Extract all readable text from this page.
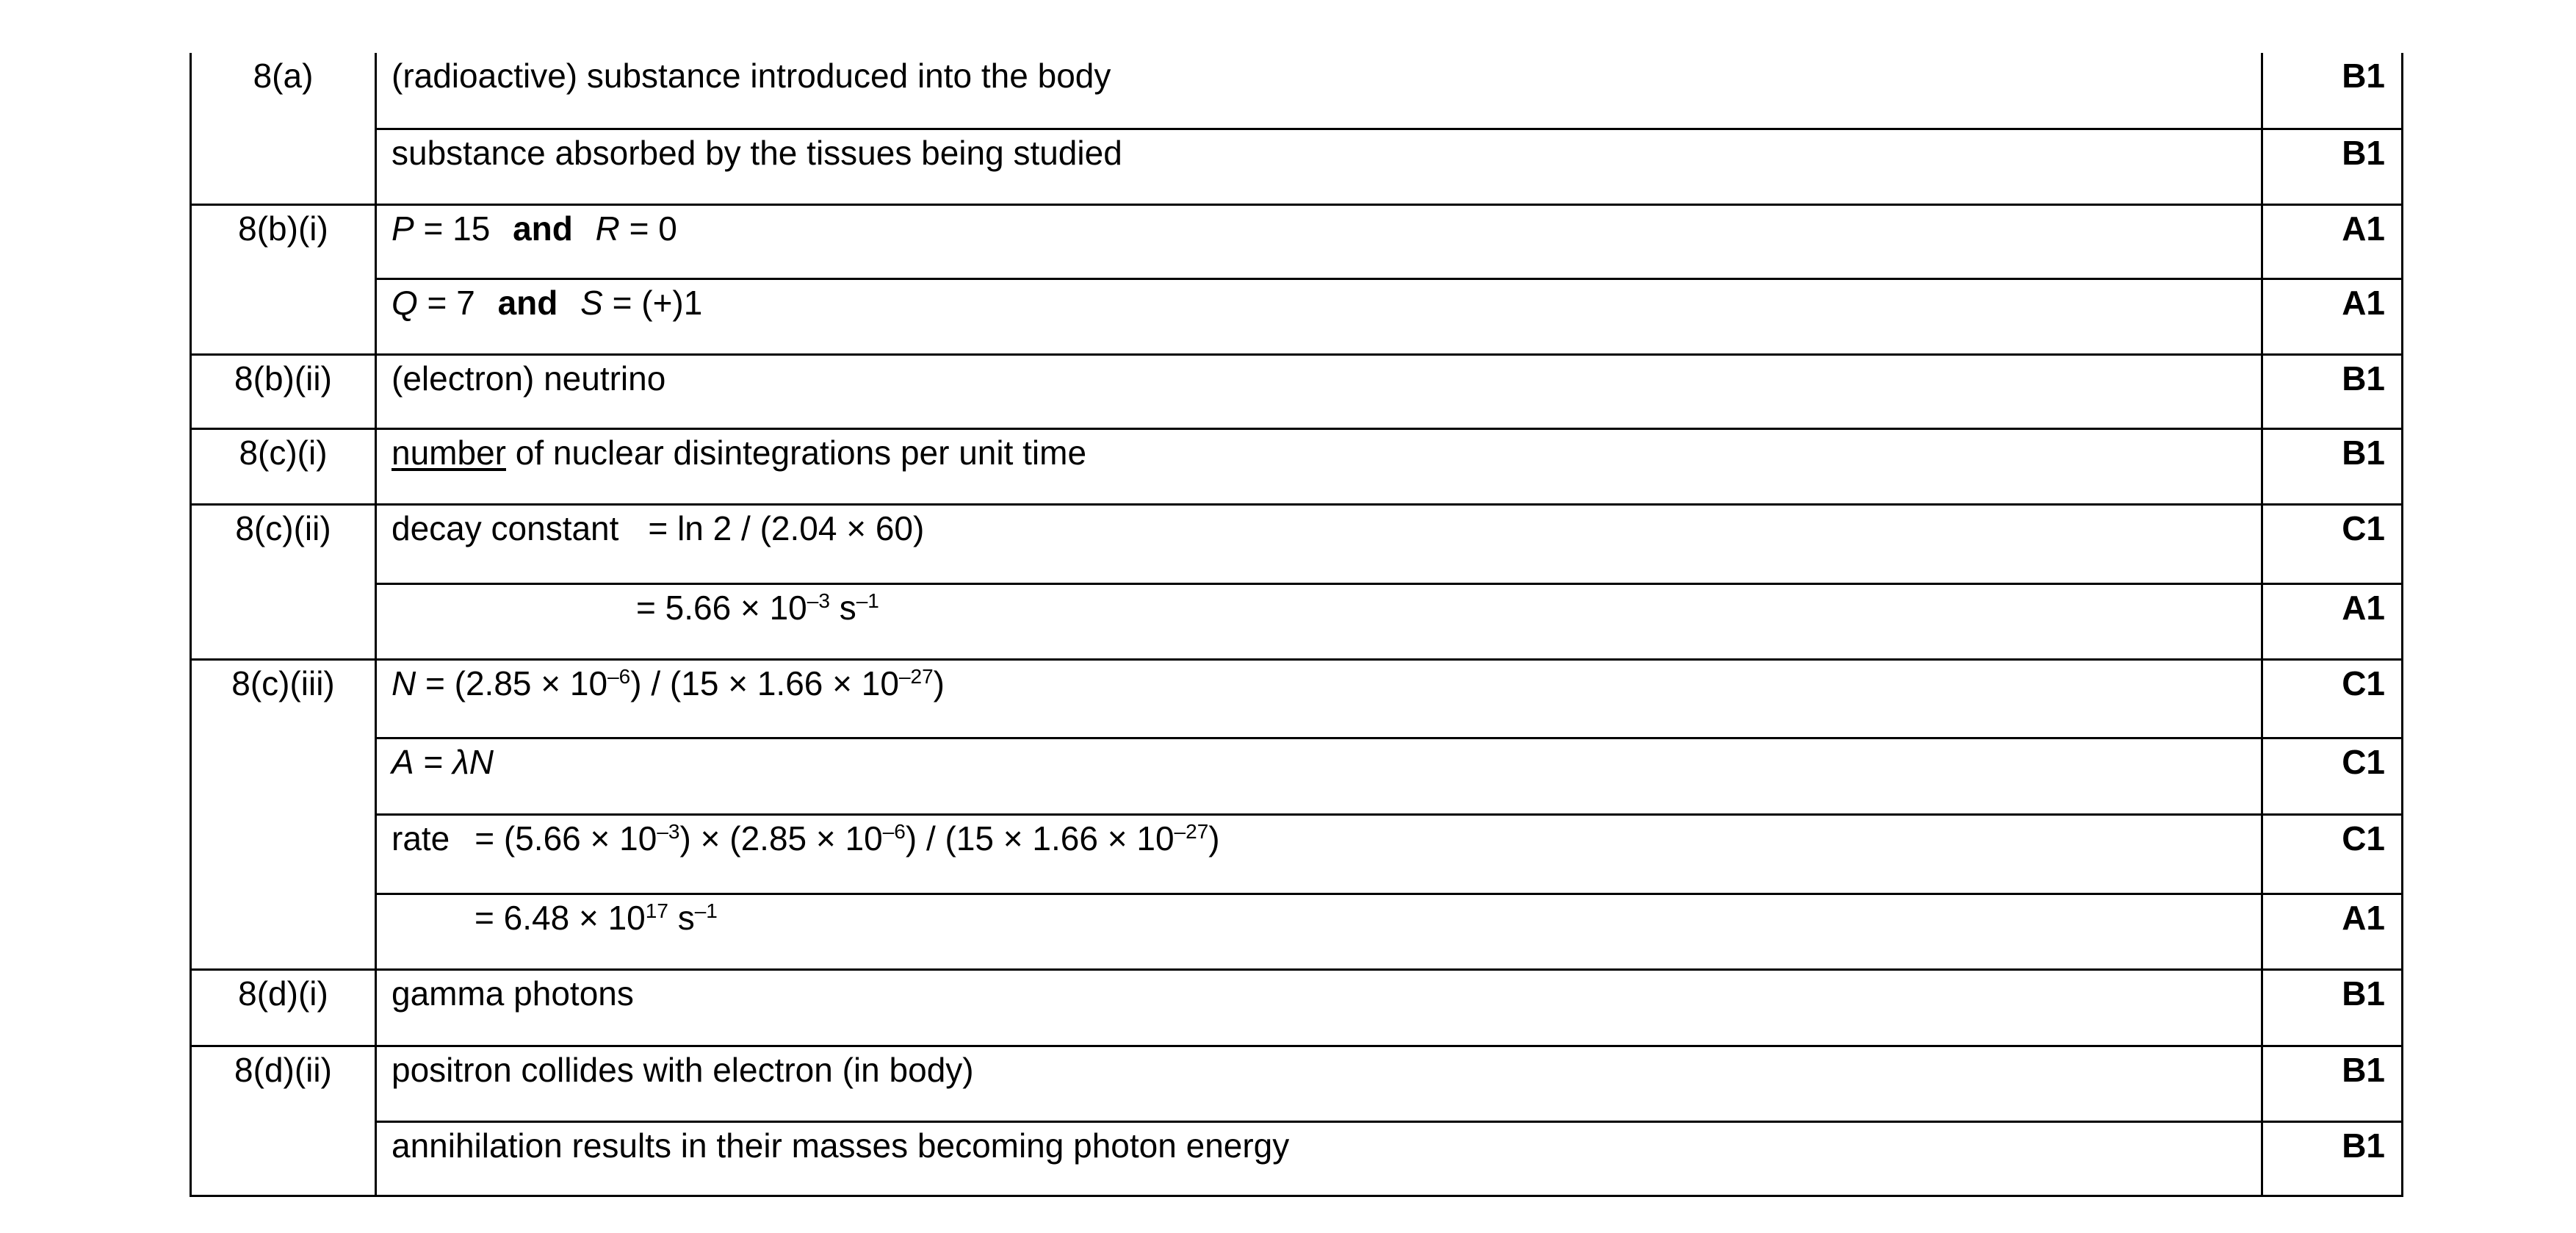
8(a)	(radioactive) substance introduced into the body	B1
	substance absorbed by the tissues being studied	B1
8(b)(i)	P = 15 and R = 0	A1
	Q = 7 and S = (+)1	A1
8(b)(ii)	(electron) neutrino	B1
8(c)(i)	number of nuclear disintegrations per unit time	B1
8(c)(ii)	decay constant = ln 2 / (2.04 × 60)	C1
	= $5.66 \times 10^{-3}$ $s^{-1}$	A1
8(c)(iii)	$N = (2.85 \times 10^{-6}) / (15 \times 1.66 \times 10^{-27})$	C1
	A = λN	C1
	rate = $(5.66 \times 10^{-3}) \times (2.85 \times 10^{-6}) / (15 \times 1.66 \times 10^{-27})$	C1
	= $6.48 \times 10^{17}$ $s^{-1}$	A1
8(d)(i)	gamma photons	B1
8(d)(ii)	positron collides with electron (in body)	B1
	annihilation results in their masses becoming photon energy	B1
